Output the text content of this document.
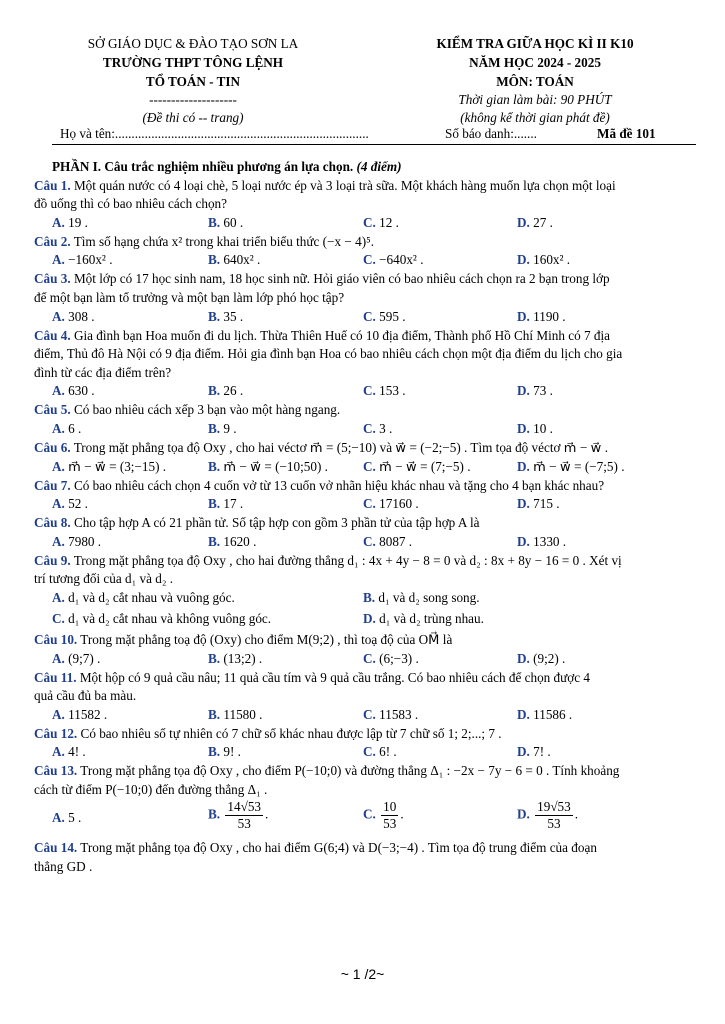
SỞ GIÁO DỤC & ĐÀO TẠO SƠN LA
TRƯỜNG THPT TÔNG LỆNH
TỔ TOÁN - TIN
--------------------
(Đề thi có -- trang)
Họ và tên:.............................................................................
KIỂM TRA GIỮA HỌC KÌ II K10
NĂM HỌC 2024 - 2025
MÔN: TOÁN
Thời gian làm bài: 90 PHÚT
(không kể thời gian phát đề)
Số báo danh:.......	Mã đề 101
PHẦN I. Câu trắc nghiệm nhiều phương án lựa chọn. (4 điểm)
Câu 1. Một quán nước có 4 loại chè, 5 loại nước ép và 3 loại trà sữa. Một khách hàng muốn lựa chọn một loại
đồ uống thì có bao nhiêu cách chọn?
A. 19 .	B. 60 .	C. 12 .	D. 27 .
Câu 2. Tìm số hạng chứa x² trong khai triển biểu thức (−x − 4)⁵.
A. −160x² .	B. 640x² .	C. −640x² .	D. 160x² .
Câu 3. Một lớp có 17 học sinh nam, 18 học sinh nữ. Hỏi giáo viên có bao nhiêu cách chọn ra 2 bạn trong lớp
để một bạn làm tổ trưởng và một bạn làm lớp phó học tập?
A. 308 .	B. 35 .	C. 595 .	D. 1190 .
Câu 4. Gia đình bạn Hoa muốn đi du lịch. Thừa Thiên Huế có 10 địa điểm, Thành phố Hồ Chí Minh có 7 địa
điểm, Thủ đô Hà Nội có 9 địa điểm. Hỏi gia đình bạn Hoa có bao nhiêu cách chọn một địa điểm du lịch cho gia
đình từ các địa điểm trên?
A. 630 .	B. 26 .	C. 153 .	D. 73 .
Câu 5. Có bao nhiêu cách xếp 3 bạn vào một hàng ngang.
A. 6 .	B. 9 .	C. 3 .	D. 10 .
Câu 6. Trong mặt phẳng tọa độ Oxy , cho hai véctơ m⃗ = (5;−10) và w⃗ = (−2;−5) . Tìm tọa độ véctơ m⃗ − w⃗ .
A. m⃗ − w⃗ = (3;−15) .	B. m⃗ − w⃗ = (−10;50) .	C. m⃗ − w⃗ = (7;−5) .	D. m⃗ − w⃗ = (−7;5) .
Câu 7. Có bao nhiêu cách chọn 4 cuốn vở từ 13 cuốn vở nhãn hiệu khác nhau và tặng cho 4 bạn khác nhau?
A. 52 .	B. 17 .	C. 17160 .	D. 715 .
Câu 8. Cho tập hợp A có 21 phần tử. Số tập hợp con gồm 3 phần tử của tập hợp A là
A. 7980 .	B. 1620 .	C. 8087 .	D. 1330 .
Câu 9. Trong mặt phẳng tọa độ Oxy , cho hai đường thẳng d₁ : 4x + 4y − 8 = 0 và d₂ : 8x + 8y − 16 = 0 . Xét vị
trí tương đối của d₁ và d₂ .
A. d₁ và d₂ cắt nhau và vuông góc.	B. d₁ và d₂ song song.
C. d₁ và d₂ cắt nhau và không vuông góc.	D. d₁ và d₂ trùng nhau.
Câu 10. Trong mặt phẳng toạ độ (Oxy) cho điểm M(9;2) , thì toạ độ của OM⃗ là
A. (9;7) .	B. (13;2) .	C. (6;−3) .	D. (9;2) .
Câu 11. Một hộp có 9 quả cầu nâu; 11 quả cầu tím và 9 quả cầu trắng. Có bao nhiêu cách để chọn được 4
quả cầu đủ ba màu.
A. 11582 .	B. 11580 .	C. 11583 .	D. 11586 .
Câu 12. Có bao nhiêu số tự nhiên có 7 chữ số khác nhau được lập từ 7 chữ số 1; 2;...; 7 .
A. 4! .	B. 9! .	C. 6! .	D. 7! .
Câu 13. Trong mặt phẳng tọa độ Oxy , cho điểm P(−10;0) và đường thẳng Δ₁ : −2x − 7y − 6 = 0 . Tính khoảng
cách từ điểm P(−10;0) đến đường thẳng Δ₁ .
A. 5 .	B. $\frac{14√53}{53}$ .	C. $\frac{10}{53}$ .	D. $\frac{19√53}{53}$ .
Câu 14. Trong mặt phẳng tọa độ Oxy , cho hai điểm G(6;4) và D(−3;−4) . Tìm tọa độ trung điểm của đoạn
thẳng GD .
~ 1 /2~
